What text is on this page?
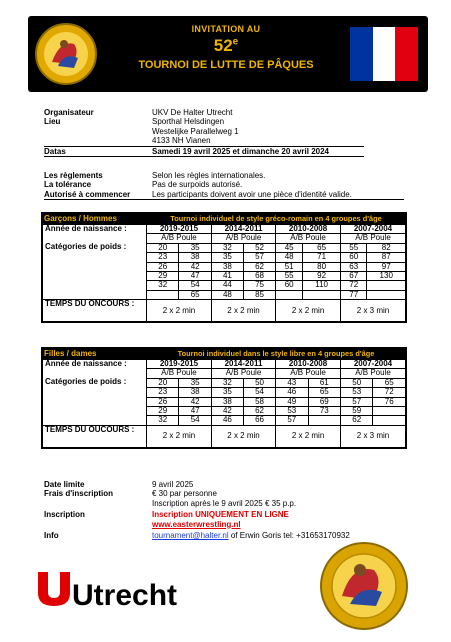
INVITATION AU
52e
TOURNOI DE LUTTE DE PÂQUES
Organisateur	UKV De Halter Utrecht
Lieu	Sporthal Helsdingen
Westelijke Parallelweg 1
4133 NH Vianen
Datas	Samedi 19 avril 2025 et dimanche 20 avril 2024
Les règlements	Selon les règles internationales.
La tolérance	Pas de surpoids autorisé.
Autorisé à commencer	Les participants doivent avoir une pièce d'identité valide.
Garçons / Hommes	Tournoi individuel de style gréco-romain en 4 groupes d'âge
Année de naissance :	2019-2015		2014-2011		2010-2008		2007-2004	
	A/B Poule		A/B Poule		A/B Poule		A/B Poule	
Catégories de poids :	20	35	32	52	45	65	55	82
	23	38	35	57	48	71	60	87
	26	42	38	62	51	80	63	97
	29	47	41	68	55	92	67	130
	32	54	44	75	60	110	72	
		65	48	85			77	
TEMPS DU ONCOURS :	2 x 2 min		2 x 2 min		2 x 2 min		2 x 3 min	
Filles / dames	Tournoi individuel dans le style libre en 4 groupes d'âge
Année de naissance :	2019-2015		2014-2011		2010-2008		2007-2004	
	A/B Poule		A/B Poule		A/B Poule		A/B Poule	
Catégories de poids :	20	35	32	50	43	61	50	65
	23	38	35	54	46	65	53	72
	26	42	38	58	49	69	57	76
	29	47	42	62	53	73	59	
	32	54	46	66	57		62	
TEMPS DU OUCOURS :	2 x 2 min		2 x 2 min		2 x 2 min		2 x 3 min	
Date limite	9 avril 2025
Frais d'inscription	€ 30 par personne
Inscription après le 9 avril 2025 € 35 p.p.
Inscription	Inscription UNIQUEMENT EN LIGNE
www.easterwrestling.nl
Info	tournament@halter.nl of Erwin Goris tel: +31653170932
Utrecht
